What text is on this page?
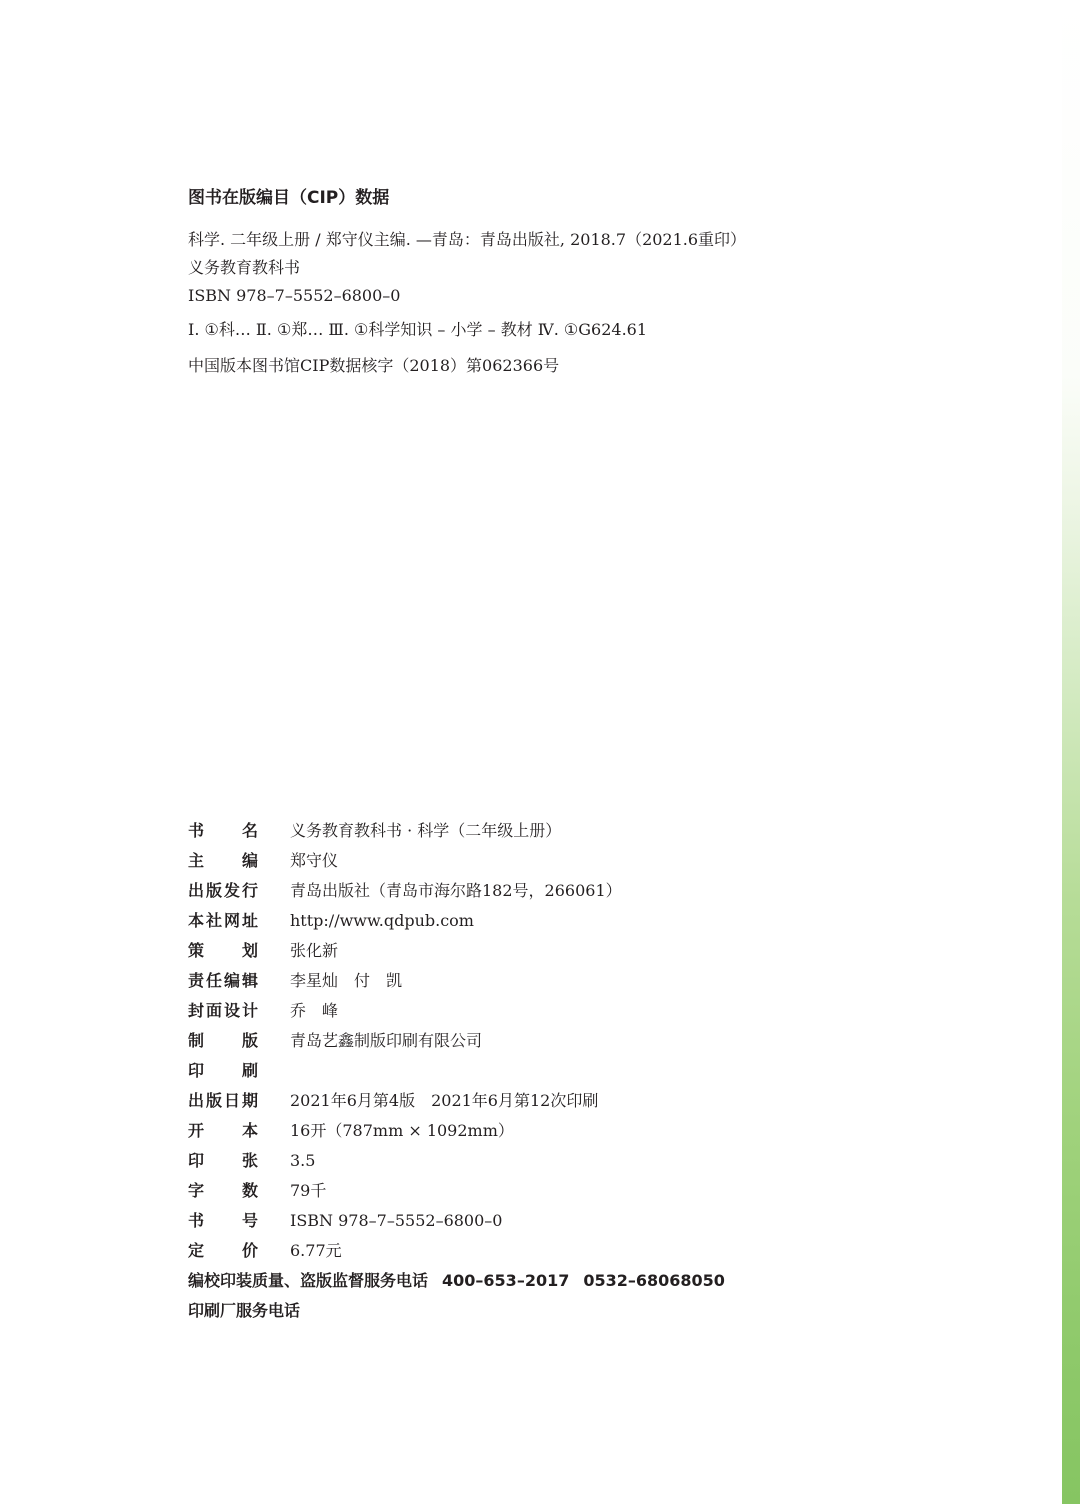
图书在版编目（CIP）数据
科学. 二年级上册 / 郑守仪主编. —青岛：青岛出版社, 2018.7（2021.6重印）
义务教育教科书
ISBN 978–7–5552–6800–0
Ⅰ. ①科… Ⅱ. ①郑… Ⅲ. ①科学知识 – 小学 – 教材 Ⅳ. ①G624.61
中国版本图书馆CIP数据核字（2018）第062366号
书 名 义务教育教科书 · 科学（二年级上册）
主 编 郑守仪
出 版 发 行 青岛出版社（青岛市海尔路182号，266061）
本 社 网 址 http://www.qdpub.com
策 划 张化新
责 任 编 辑 李星灿　付　凯
封 面 设 计 乔　峰
制 版 青岛艺鑫制版印刷有限公司
印 刷
出 版 日 期 2021年6月第4版　2021年6月第12次印刷
开 本 16开（787mm × 1092mm）
印 张 3.5
字 数 79千
书 号 ISBN 978–7–5552–6800–0
定 价 6.77元
编校印装质量、盗版监督服务电话 400–653–2017 0532–68068050
印刷厂服务电话
